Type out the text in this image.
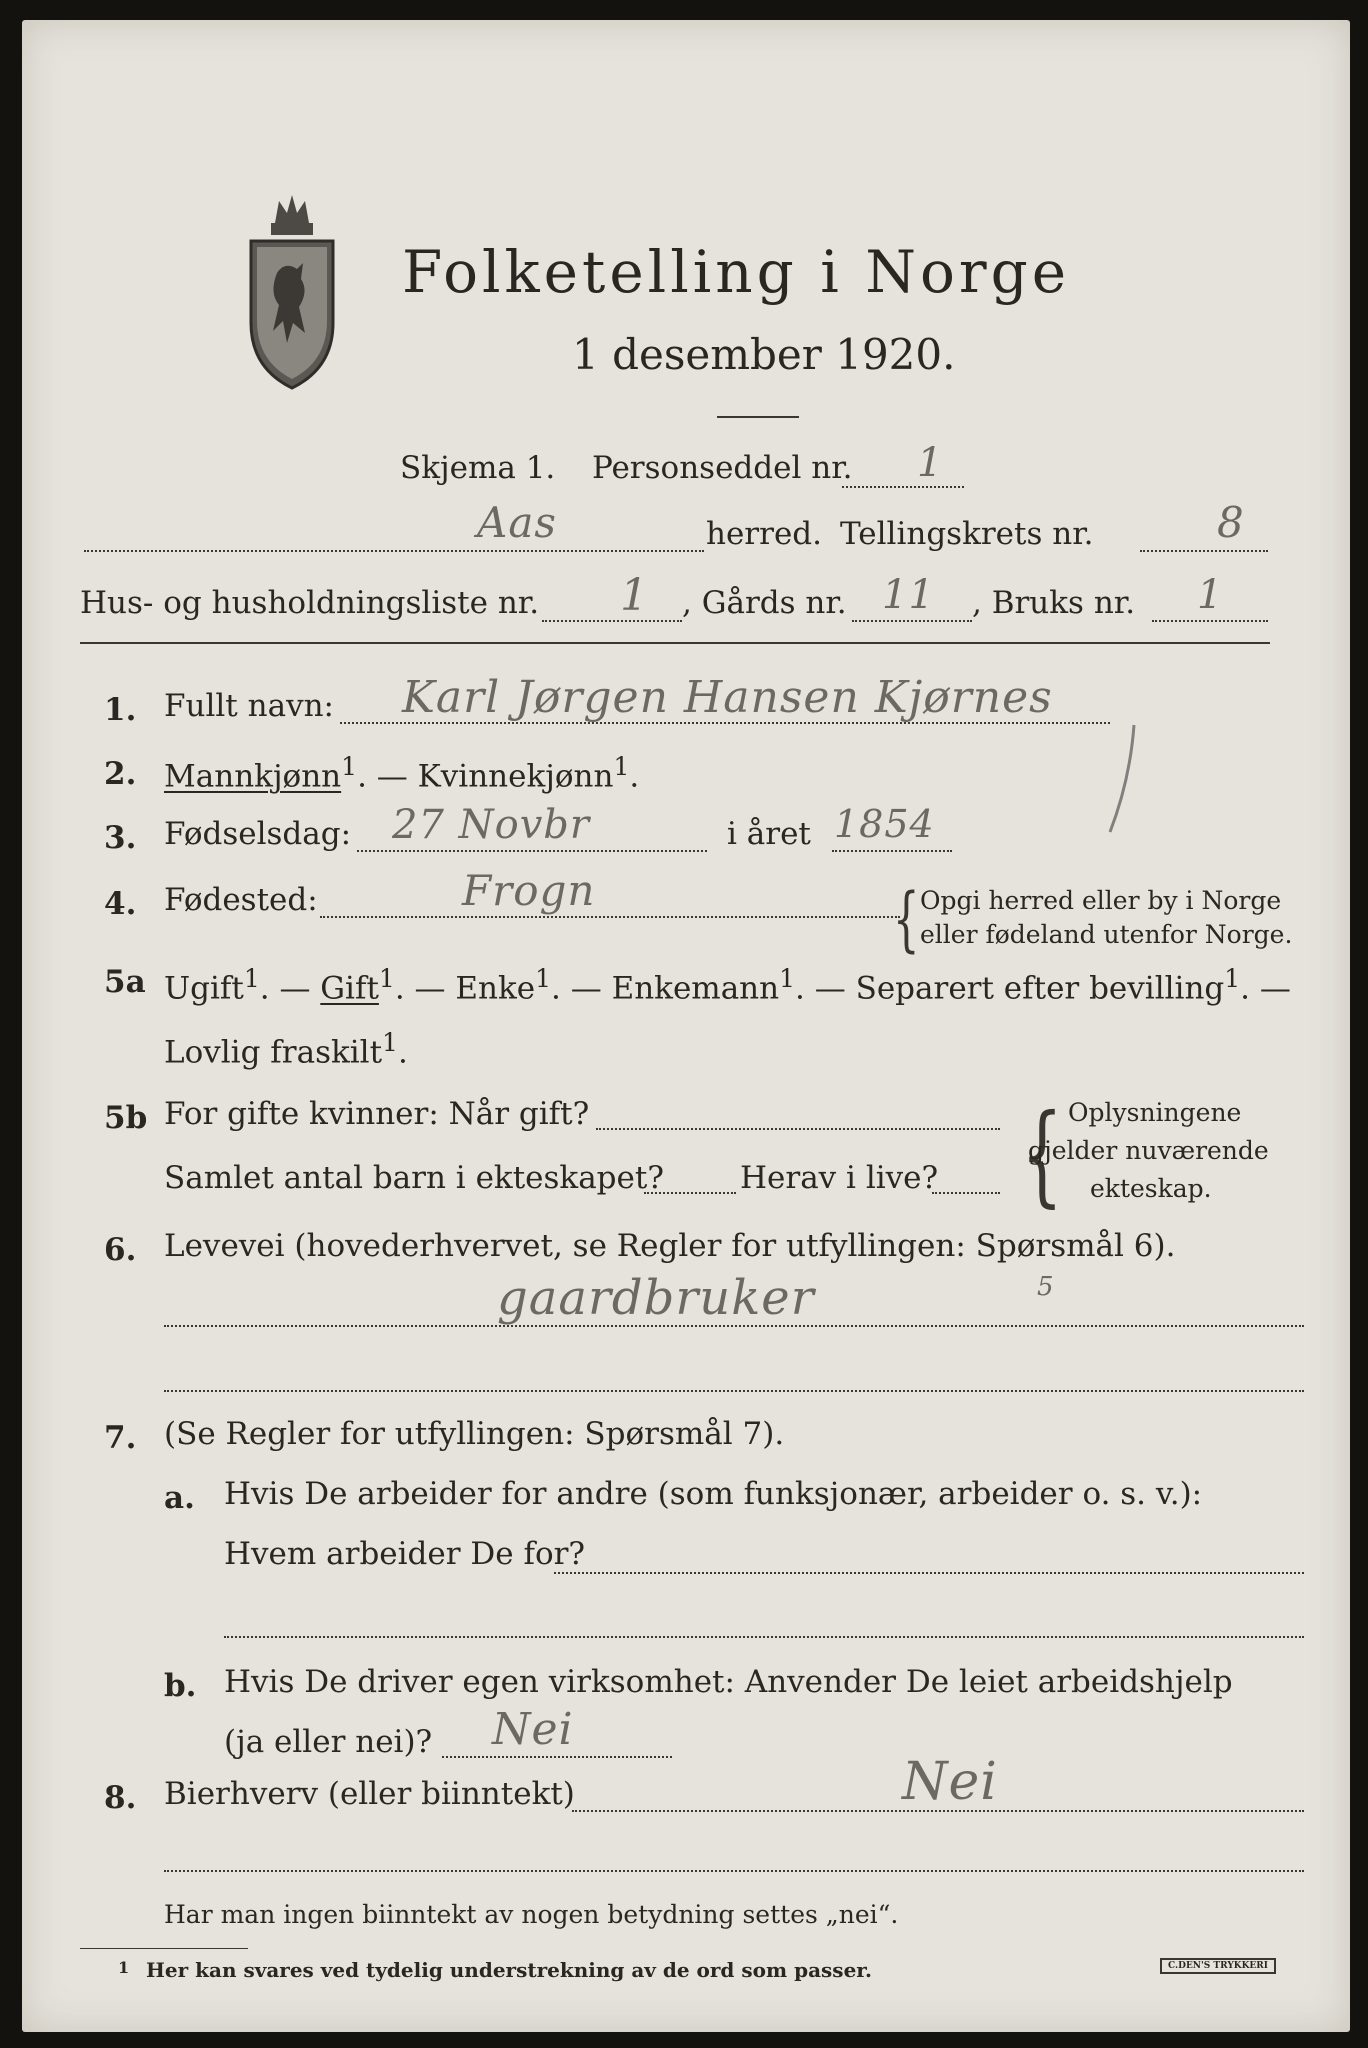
Folketelling i Norge
1 desember 1920.
Skjema 1. Personseddel nr. 1
Aas	herred. Tellingskrets nr.	8
Hus- og husholdningsliste nr. 1 , Gårds nr. 11 , Bruks nr. 1
1. Fullt navn: Karl Jørgen Hansen Kjørnes
2. Mannkjønn$^1$. — Kvinnekjønn$^1$.
3. Fødselsdag: 27 Novbr	i året 1854
4. Fødested:	Frogn	{ Opgi herred eller by i Norge
eller fødeland utenfor Norge.
5a Ugift$^1$. — Gift$^1$. — Enke$^1$. — Enkemann$^1$. — Separert efter bevilling$^1$. —
Lovlig fraskilt$^1$.
5b For gifte kvinner: Når gift?
Samlet antal barn i ekteskapet? Herav i live? { Oplysningene
gjelder nuværende
ekteskap.
6. Levevei (hovederhvervet, se Regler for utfyllingen: Spørsmål 6).
gaardbruker	5
7. (Se Regler for utfyllingen: Spørsmål 7).
a. Hvis De arbeider for andre (som funksjonær, arbeider o. s. v.):
Hvem arbeider De for?
b. Hvis De driver egen virksomhet: Anvender De leiet arbeidshjelp
(ja eller nei)? Nei
8. Bierhverv (eller biinntekt)	Nei
Har man ingen biinntekt av nogen betydning settes „nei“.
1 Her kan svares ved tydelig understrekning av de ord som passer.	C.DEN'S TRYKKERI
